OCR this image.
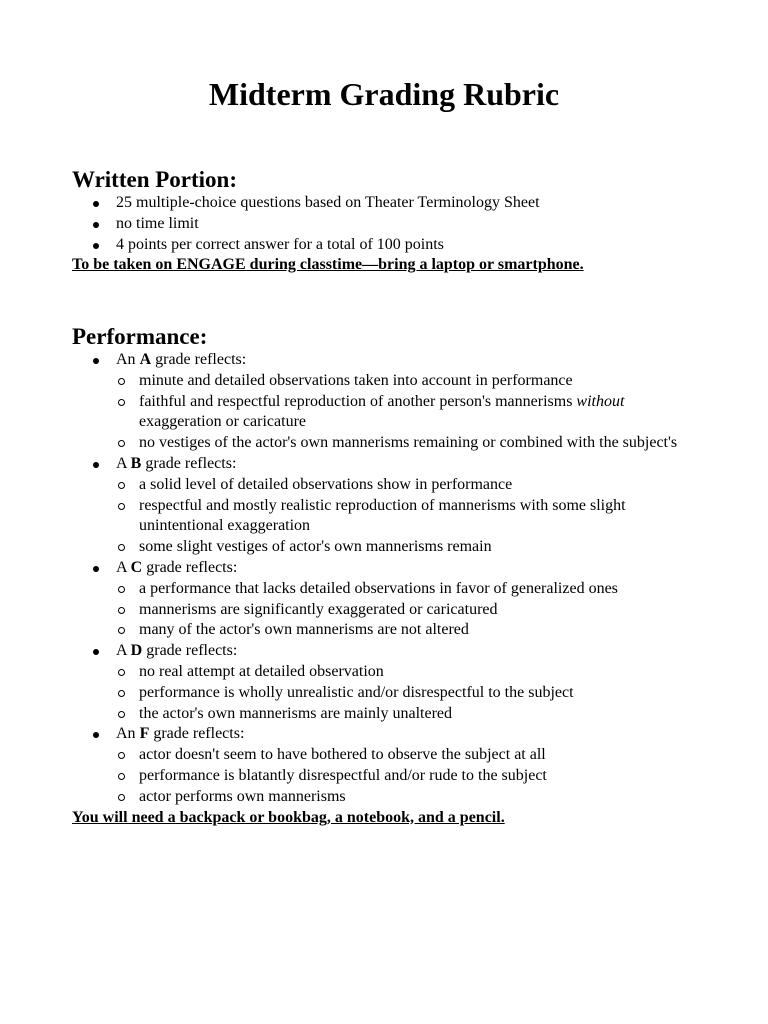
Midterm Grading Rubric
Written Portion:
25 multiple-choice questions based on Theater Terminology Sheet
no time limit
4 points per correct answer for a total of 100 points

To be taken on ENGAGE during classtime—bring a laptop or smartphone.

Performance:
An A grade reflects:
minute and detailed observations taken into account in performance
faithful and respectful reproduction of another person's mannerisms without exaggeration or caricature
no vestiges of the actor's own mannerisms remaining or combined with the subject's
A B grade reflects:
a solid level of detailed observations show in performance
respectful and mostly realistic reproduction of mannerisms with some slight unintentional exaggeration
some slight vestiges of actor's own mannerisms remain
A C grade reflects:
a performance that lacks detailed observations in favor of generalized ones
mannerisms are significantly exaggerated or caricatured
many of the actor's own mannerisms are not altered
A D grade reflects:
no real attempt at detailed observation
performance is wholly unrealistic and/or disrespectful to the subject
the actor's own mannerisms are mainly unaltered
An F grade reflects:
actor doesn't seem to have bothered to observe the subject at all
performance is blatantly disrespectful and/or rude to the subject
actor performs own mannerisms

You will need a backpack or bookbag, a notebook, and a pencil.
